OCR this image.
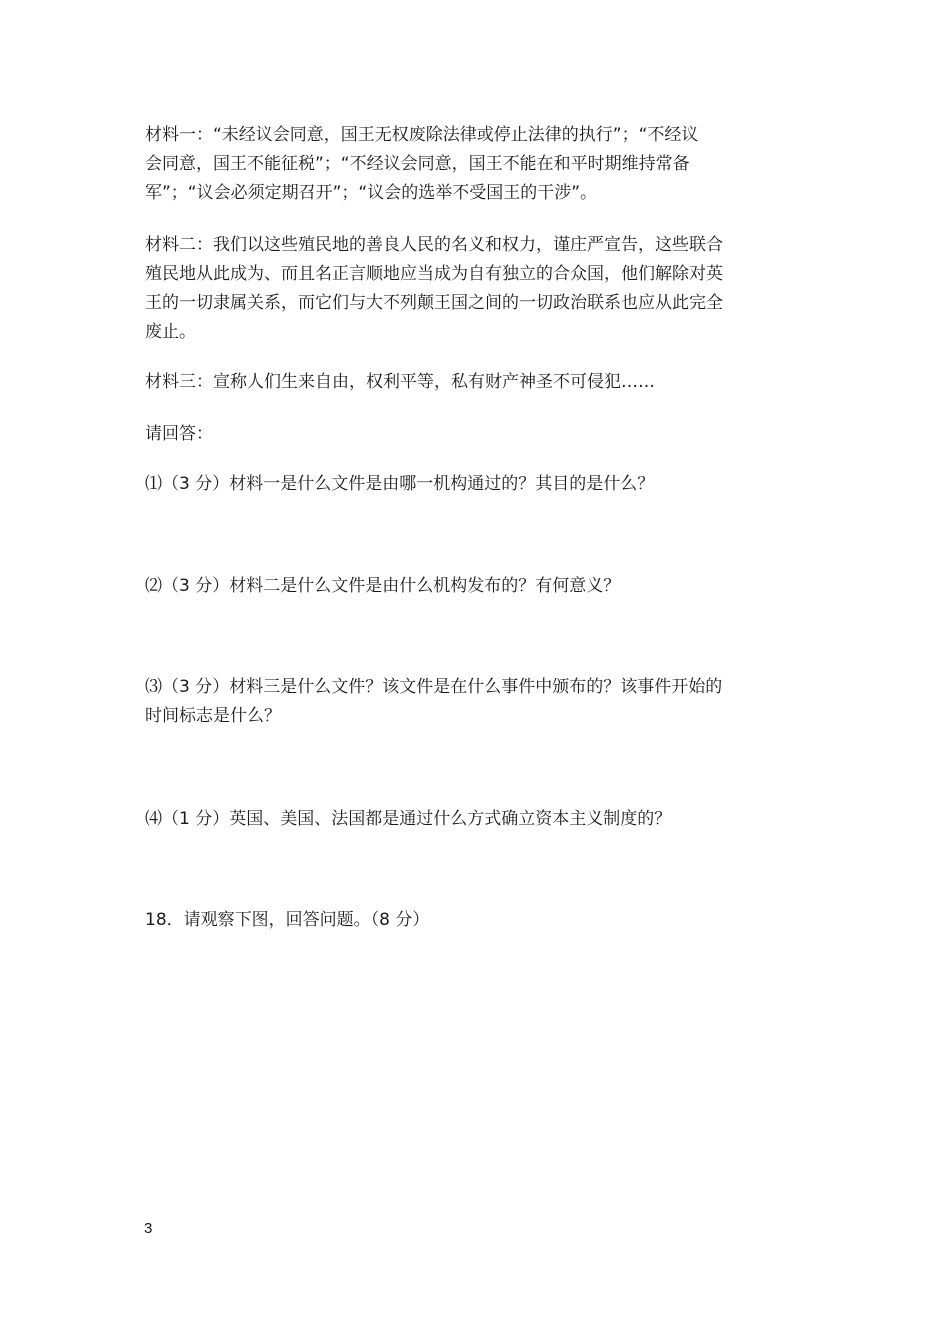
材料一：“未经议会同意，国王无权废除法律或停止法律的执行”；“不经议
会同意，国王不能征税”；“不经议会同意，国王不能在和平时期维持常备
军”；“议会必须定期召开”；“议会的选举不受国王的干涉”。

材料二：我们以这些殖民地的善良人民的名义和权力，谨庄严宣告，这些联合
殖民地从此成为、而且名正言顺地应当成为自有独立的合众国，他们解除对英
王的一切隶属关系，而它们与大不列颠王国之间的一切政治联系也应从此完全
废止。

材料三：宣称人们生来自由，权利平等，私有财产神圣不可侵犯……

请回答：

⑴（3 分）材料一是什么文件是由哪一机构通过的？其目的是什么？

⑵（3 分）材料二是什么文件是由什么机构发布的？有何意义？

⑶（3 分）材料三是什么文件？该文件是在什么事件中颁布的？该事件开始的
时间标志是什么？

⑷（1 分）英国、美国、法国都是通过什么方式确立资本主义制度的？

18．请观察下图，回答问题。（8 分）

3
